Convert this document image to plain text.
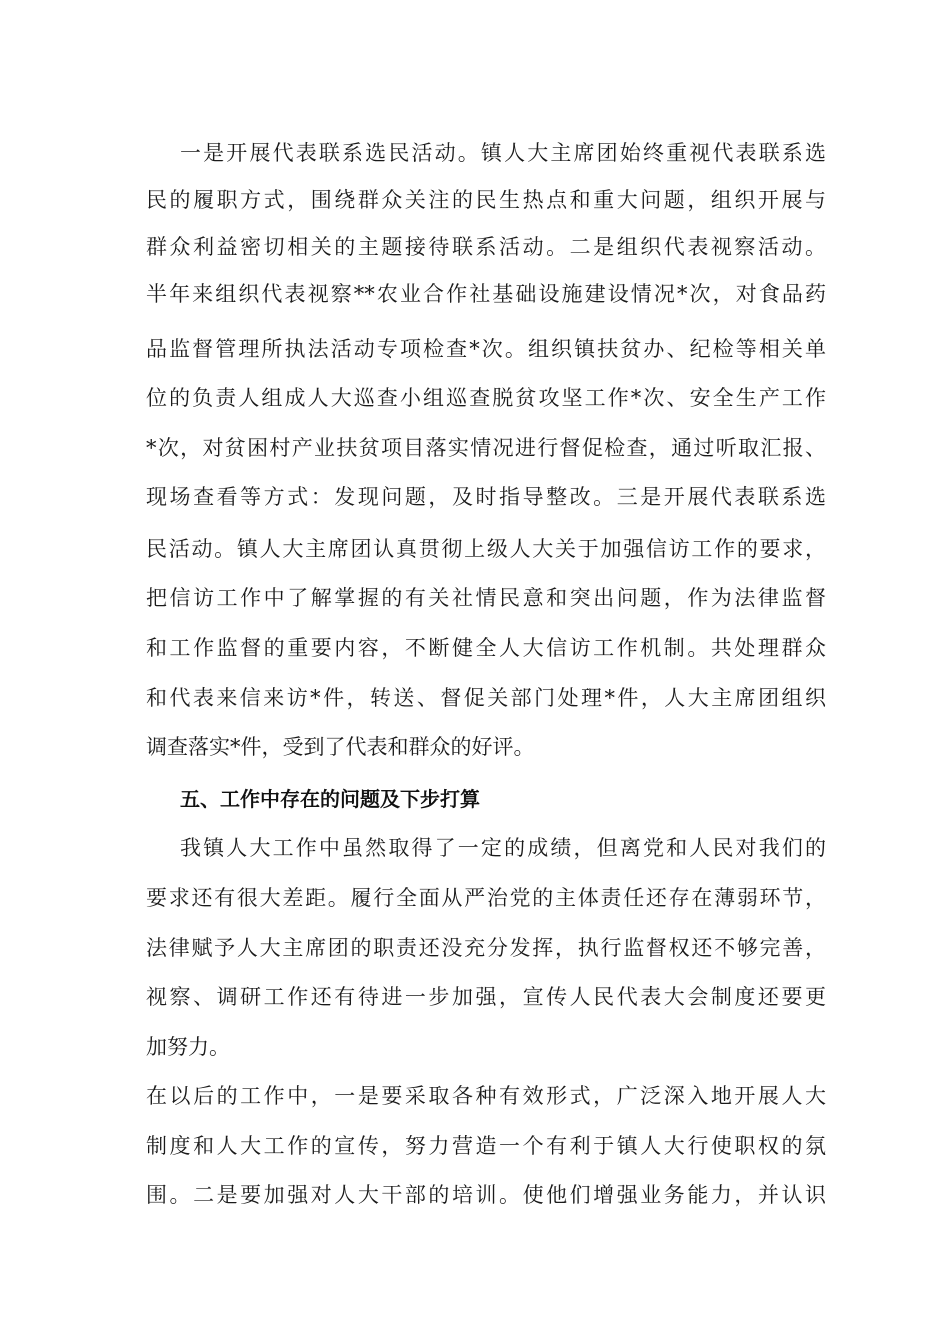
一是开展代表联系选民活动。镇人大主席团始终重视代表联系选
民的履职方式，围绕群众关注的民生热点和重大问题，组织开展与
群众利益密切相关的主题接待联系活动。二是组织代表视察活动。
半年来组织代表视察**农业合作社基础设施建设情况*次，对食品药
品监督管理所执法活动专项检查*次。组织镇扶贫办、纪检等相关单
位的负责人组成人大巡查小组巡查脱贫攻坚工作*次、安全生产工作
*次，对贫困村产业扶贫项目落实情况进行督促检查，通过听取汇报、
现场查看等方式：发现问题，及时指导整改。三是开展代表联系选
民活动。镇人大主席团认真贯彻上级人大关于加强信访工作的要求，
把信访工作中了解掌握的有关社情民意和突出问题，作为法律监督
和工作监督的重要内容，不断健全人大信访工作机制。共处理群众
和代表来信来访*件，转送、督促关部门处理*件，人大主席团组织
调查落实*件，受到了代表和群众的好评。
五、工作中存在的问题及下步打算
我镇人大工作中虽然取得了一定的成绩，但离党和人民对我们的
要求还有很大差距。履行全面从严治党的主体责任还存在薄弱环节，
法律赋予人大主席团的职责还没充分发挥，执行监督权还不够完善，
视察、调研工作还有待进一步加强，宣传人民代表大会制度还要更
加努力。
在以后的工作中，一是要采取各种有效形式，广泛深入地开展人大
制度和人大工作的宣传，努力营造一个有利于镇人大行使职权的氛
围。二是要加强对人大干部的培训。使他们增强业务能力，并认识
